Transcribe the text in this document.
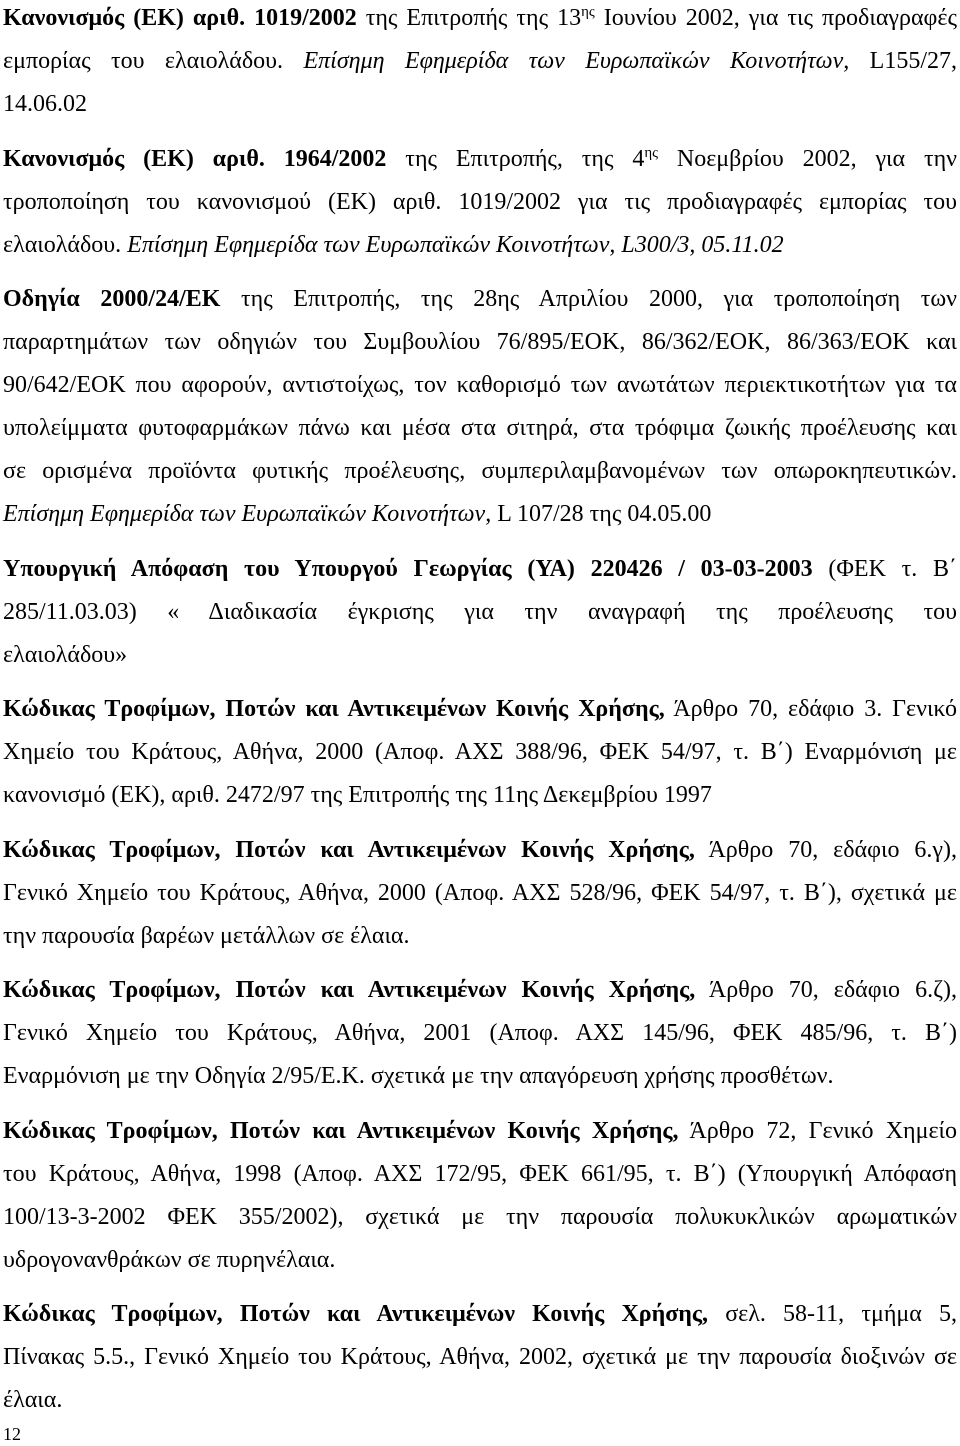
Κανονισμός (ΕΚ) αριθ. 1019/2002 της Επιτροπής της $13^{\eta\varsigma}$ Ιουνίου 2002, για τις προδιαγραφές
εμπορίας του ελαιολάδου. Επίσημη Εφημερίδα των Ευρωπαϊκών Κοινοτήτων, L155/27,
14.06.02
Κανονισμός (ΕΚ) αριθ. 1964/2002 της Επιτροπής, της $4^{\eta\varsigma}$ Νοεμβρίου 2002, για την
τροποποίηση του κανονισμού (ΕΚ) αριθ. 1019/2002 για τις προδιαγραφές εμπορίας του
ελαιολάδου. Επίσημη Εφημερίδα των Ευρωπαϊκών Κοινοτήτων, L300/3, 05.11.02
Οδηγία 2000/24/ΕΚ της Επιτροπής, της 28ης Απριλίου 2000, για τροποποίηση των
παραρτημάτων των οδηγιών του Συμβουλίου 76/895/ΕΟΚ, 86/362/ΕΟΚ, 86/363/ΕΟΚ και
90/642/ΕΟΚ που αφορούν, αντιστοίχως, τον καθορισμό των ανωτάτων περιεκτικοτήτων για τα
υπολείμματα φυτοφαρμάκων πάνω και μέσα στα σιτηρά, στα τρόφιμα ζωικής προέλευσης και
σε ορισμένα προϊόντα φυτικής προέλευσης, συμπεριλαμβανομένων των οπωροκηπευτικών.
Επίσημη Εφημερίδα των Ευρωπαϊκών Κοινοτήτων, L 107/28 της 04.05.00
Υπουργική Απόφαση του Υπουργού Γεωργίας (ΥΑ) 220426 / 03-03-2003 (ΦΕΚ τ. Β΄
285/11.03.03) « Διαδικασία έγκρισης για την αναγραφή της προέλευσης του
ελαιολάδου»
Κώδικας Τροφίμων, Ποτών και Αντικειμένων Κοινής Χρήσης, Άρθρο 70, εδάφιο 3. Γενικό
Χημείο του Κράτους, Αθήνα, 2000 (Αποφ. ΑΧΣ 388/96, ΦΕΚ 54/97, τ. Β΄) Εναρμόνιση με
κανονισμό (ΕΚ), αριθ. 2472/97 της Επιτροπής της 11ης Δεκεμβρίου 1997
Κώδικας Τροφίμων, Ποτών και Αντικειμένων Κοινής Χρήσης, Άρθρο 70, εδάφιο 6.γ),
Γενικό Χημείο του Κράτους, Αθήνα, 2000 (Αποφ. ΑΧΣ 528/96, ΦΕΚ 54/97, τ. Β΄), σχετικά με
την παρουσία βαρέων μετάλλων σε έλαια.
Κώδικας Τροφίμων, Ποτών και Αντικειμένων Κοινής Χρήσης, Άρθρο 70, εδάφιο 6.ζ),
Γενικό Χημείο του Κράτους, Αθήνα, 2001 (Αποφ. ΑΧΣ 145/96, ΦΕΚ 485/96, τ. Β΄)
Εναρμόνιση με την Οδηγία 2/95/Ε.Κ. σχετικά με την απαγόρευση χρήσης προσθέτων.
Κώδικας Τροφίμων, Ποτών και Αντικειμένων Κοινής Χρήσης, Άρθρο 72, Γενικό Χημείο
του Κράτους, Αθήνα, 1998 (Αποφ. ΑΧΣ 172/95, ΦΕΚ 661/95, τ. Β΄) (Υπουργική Απόφαση
100/13-3-2002 ΦΕΚ 355/2002), σχετικά με την παρουσία πολυκυκλικών αρωματικών
υδρογονανθράκων σε πυρηνέλαια.
Κώδικας Τροφίμων, Ποτών και Αντικειμένων Κοινής Χρήσης, σελ. 58-11, τμήμα 5,
Πίνακας 5.5., Γενικό Χημείο του Κράτους, Αθήνα, 2002, σχετικά με την παρουσία διοξινών σε
έλαια.
12
